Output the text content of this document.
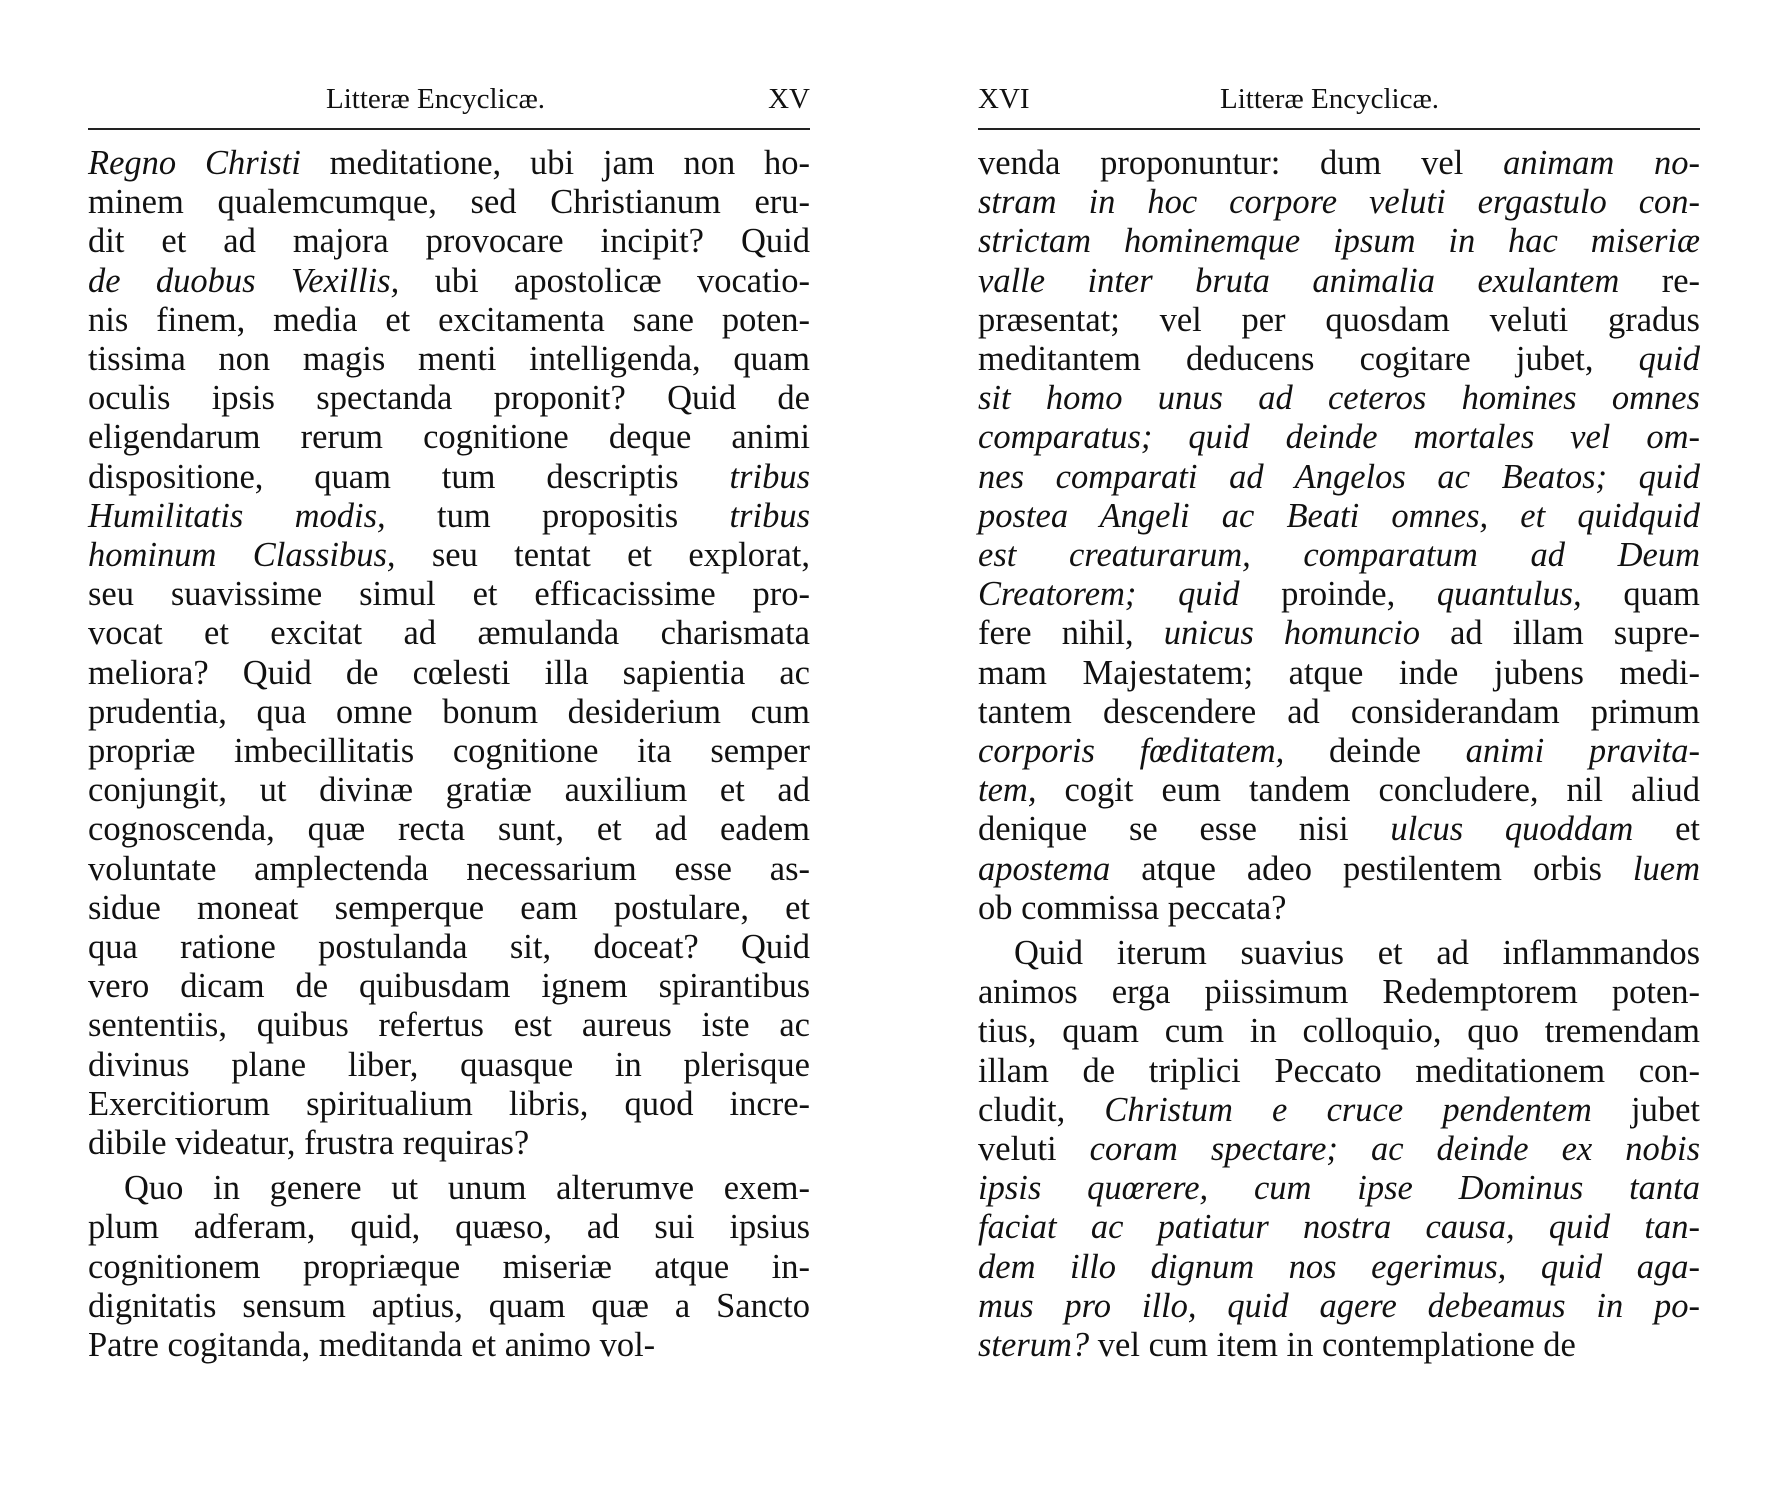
Litteræ Encyclicæ.	XV
Regno Christi meditatione, ubi jam non ho-
minem qualemcumque, sed Christianum eru-
dit et ad majora provocare incipit? Quid
de duobus Vexillis, ubi apostolicæ vocatio-
nis finem, media et excitamenta sane poten-
tissima non magis menti intelligenda, quam
oculis ipsis spectanda proponit? Quid de
eligendarum rerum cognitione deque animi
dispositione, quam tum descriptis tribus
Humilitatis modis, tum propositis tribus
hominum Classibus, seu tentat et explorat,
seu suavissime simul et efficacissime pro-
vocat et excitat ad æmulanda charismata
meliora? Quid de cœlesti illa sapientia ac
prudentia, qua omne bonum desiderium cum
propriæ imbecillitatis cognitione ita semper
conjungit, ut divinæ gratiæ auxilium et ad
cognoscenda, quæ recta sunt, et ad eadem
voluntate amplectenda necessarium esse as-
sidue moneat semperque eam postulare, et
qua ratione postulanda sit, doceat? Quid
vero dicam de quibusdam ignem spirantibus
sententiis, quibus refertus est aureus iste ac
divinus plane liber, quasque in plerisque
Exercitiorum spiritualium libris, quod incre-
dibile videatur, frustra requiras?
Quo in genere ut unum alterumve exem-
plum adferam, quid, quæso, ad sui ipsius
cognitionem propriæque miseriæ atque in-
dignitatis sensum aptius, quam quæ a Sancto
Patre cogitanda, meditanda et animo vol-
XVI	Litteræ Encyclicæ.
venda proponuntur: dum vel animam no-
stram in hoc corpore veluti ergastulo con-
strictam hominemque ipsum in hac miseriæ
valle inter bruta animalia exulantem re-
præsentat; vel per quosdam veluti gradus
meditantem deducens cogitare jubet, quid
sit homo unus ad ceteros homines omnes
comparatus; quid deinde mortales vel om-
nes comparati ad Angelos ac Beatos; quid
postea Angeli ac Beati omnes, et quidquid
est creaturarum, comparatum ad Deum
Creatorem; quid proinde, quantulus, quam
fere nihil, unicus homuncio ad illam supre-
mam Majestatem; atque inde jubens medi-
tantem descendere ad considerandam primum
corporis fœditatem, deinde animi pravita-
tem, cogit eum tandem concludere, nil aliud
denique se esse nisi ulcus quoddam et
apostema atque adeo pestilentem orbis luem
ob commissa peccata?
Quid iterum suavius et ad inflammandos
animos erga piissimum Redemptorem poten-
tius, quam cum in colloquio, quo tremendam
illam de triplici Peccato meditationem con-
cludit, Christum e cruce pendentem jubet
veluti coram spectare; ac deinde ex nobis
ipsis quœrere, cum ipse Dominus tanta
faciat ac patiatur nostra causa, quid tan-
dem illo dignum nos egerimus, quid aga-
mus pro illo, quid agere debeamus in po-
sterum? vel cum item in contemplatione de
